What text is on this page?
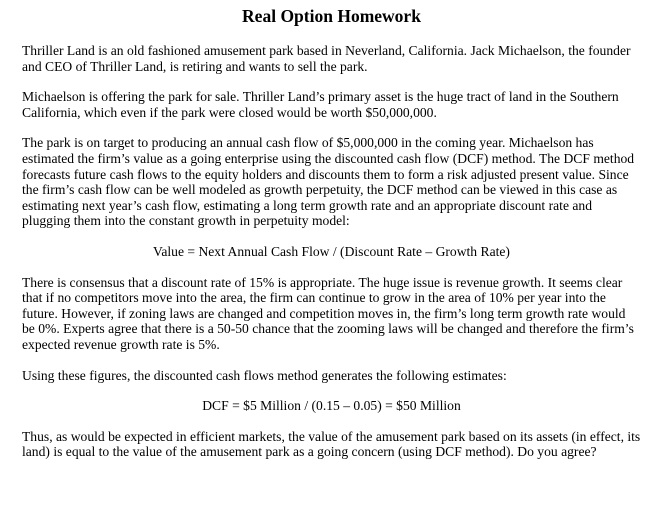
Real Option Homework

Thriller Land is an old fashioned amusement park based in Neverland, California. Jack Michaelson, the founder and CEO of Thriller Land, is retiring and wants to sell the park.

Michaelson is offering the park for sale. Thriller Land’s primary asset is the huge tract of land in the Southern California, which even if the park were closed would be worth $50,000,000.

The park is on target to producing an annual cash flow of $5,000,000 in the coming year. Michaelson has estimated the firm’s value as a going enterprise using the discounted cash flow (DCF) method. The DCF method forecasts future cash flows to the equity holders and discounts them to form a risk adjusted present value. Since the firm’s cash flow can be well modeled as growth perpetuity, the DCF method can be viewed in this case as estimating next year’s cash flow, estimating a long term growth rate and an appropriate discount rate and plugging them into the constant growth in perpetuity model:

Value = Next Annual Cash Flow / (Discount Rate – Growth Rate)

There is consensus that a discount rate of 15% is appropriate. The huge issue is revenue growth. It seems clear that if no competitors move into the area, the firm can continue to grow in the area of 10% per year into the future. However, if zoning laws are changed and competition moves in, the firm’s long term growth rate would be 0%. Experts agree that there is a 50-50 chance that the zooming laws will be changed and therefore the firm’s expected revenue growth rate is 5%.

Using these figures, the discounted cash flows method generates the following estimates:

DCF = $5 Million / (0.15 – 0.05) = $50 Million

Thus, as would be expected in efficient markets, the value of the amusement park based on its assets (in effect, its land) is equal to the value of the amusement park as a going concern (using DCF method). Do you agree?
